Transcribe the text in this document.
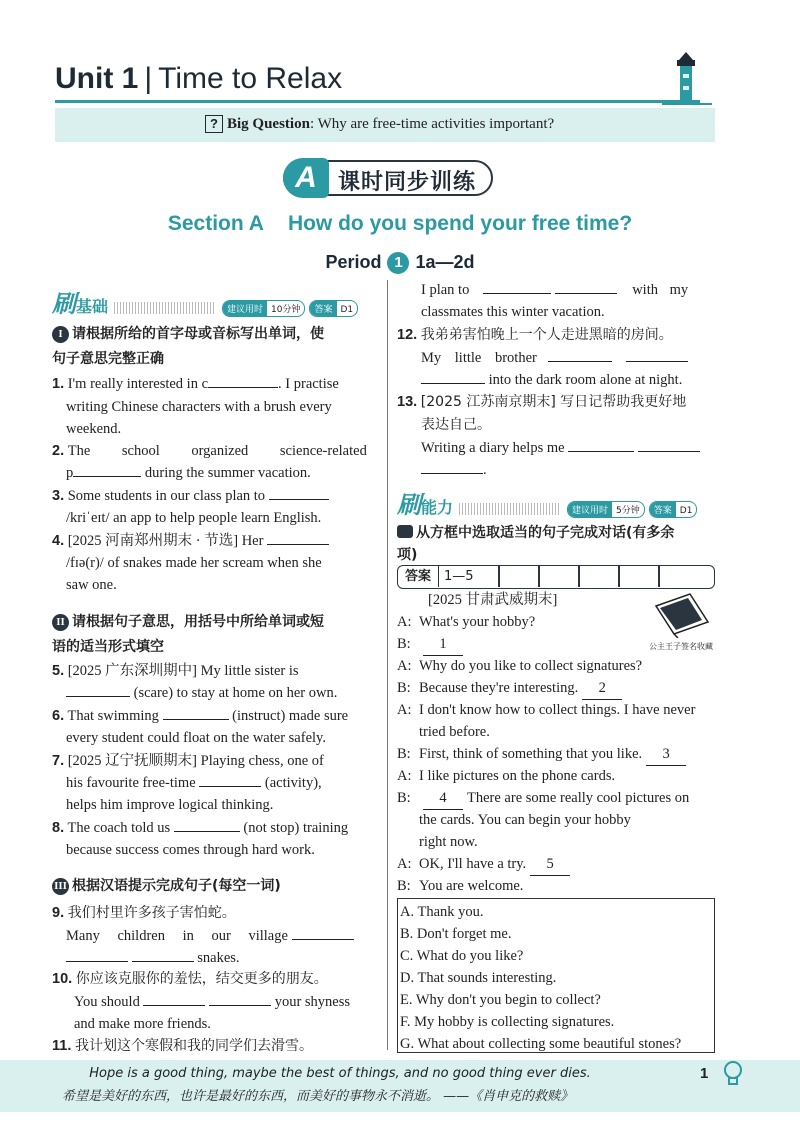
Unit 1 | Time to Relax
? Big Question: Why are free-time activities important?
A 课时同步训练
Section A How do you spend your free time?
Period 1 1a—2d
刷基础	建议用时 10分钟 答案 D1
I 请根据所给的首字母或音标写出单词，使
句子意思完整正确
1. I'm really interested in c	. I practise
writing Chinese characters with a brush every
weekend.
2. The school organized science-related
p	during the summer vacation.
3. Some students in our class plan to
/kriˈeɪt/ an app to help people learn English.
4. [2025 河南郑州期末 · 节选] Her
/fɪə(r)/ of snakes made her scream when she
saw one.
II 请根据句子意思，用括号中所给单词或短
语的适当形式填空
5. [2025 广东深圳期中] My little sister is
(scare) to stay at home on her own.
6. That swimming	(instruct) made sure
every student could float on the water safely.
7. [2025 辽宁抚顺期末] Playing chess, one of
his favourite free-time	(activity),
helps him improve logical thinking.
8. The coach told us	(not stop) training
because success comes through hard work.
III 根据汉语提示完成句子(每空一词)
9. 我们村里许多孩子害怕蛇。
Many children in our village
snakes.
10. 你应该克服你的羞怯，结交更多的朋友。
You should	your shyness
and make more friends.
11. 我计划这个寒假和我的同学们去滑雪。
I plan to	with my
classmates this winter vacation.
12. 我弟弟害怕晚上一个人走进黑暗的房间。
My little brother
into the dark room alone at night.
13. [2025 江苏南京期末] 写日记帮助我更好地
表达自己。
Writing a diary helps me
.
刷能力	建议用时 5分钟 答案 D1
从方框中选取适当的句子完成对话(有多余
项)
答案	1—5
[2025 甘肃武威期末]
公主王子签名收藏
A: What's your hobby?
B: 1
A: Why do you like to collect signatures?
B: Because they're interesting. 2
A: I don't know how to collect things. I have never
tried before.
B: First, think of something that you like. 3
A: I like pictures on the phone cards.
B: 4 There are some really cool pictures on
the cards. You can begin your hobby
right now.
A: OK, I'll have a try. 5
B: You are welcome.
A. Thank you.
B. Don't forget me.
C. What do you like?
D. That sounds interesting.
E. Why don't you begin to collect?
F. My hobby is collecting signatures.
G. What about collecting some beautiful stones?
Hope is a good thing, maybe the best of things, and no good thing ever dies.
希望是美好的东西，也许是最好的东西，而美好的事物永不消逝。 ——《肖申克的救赎》
1
